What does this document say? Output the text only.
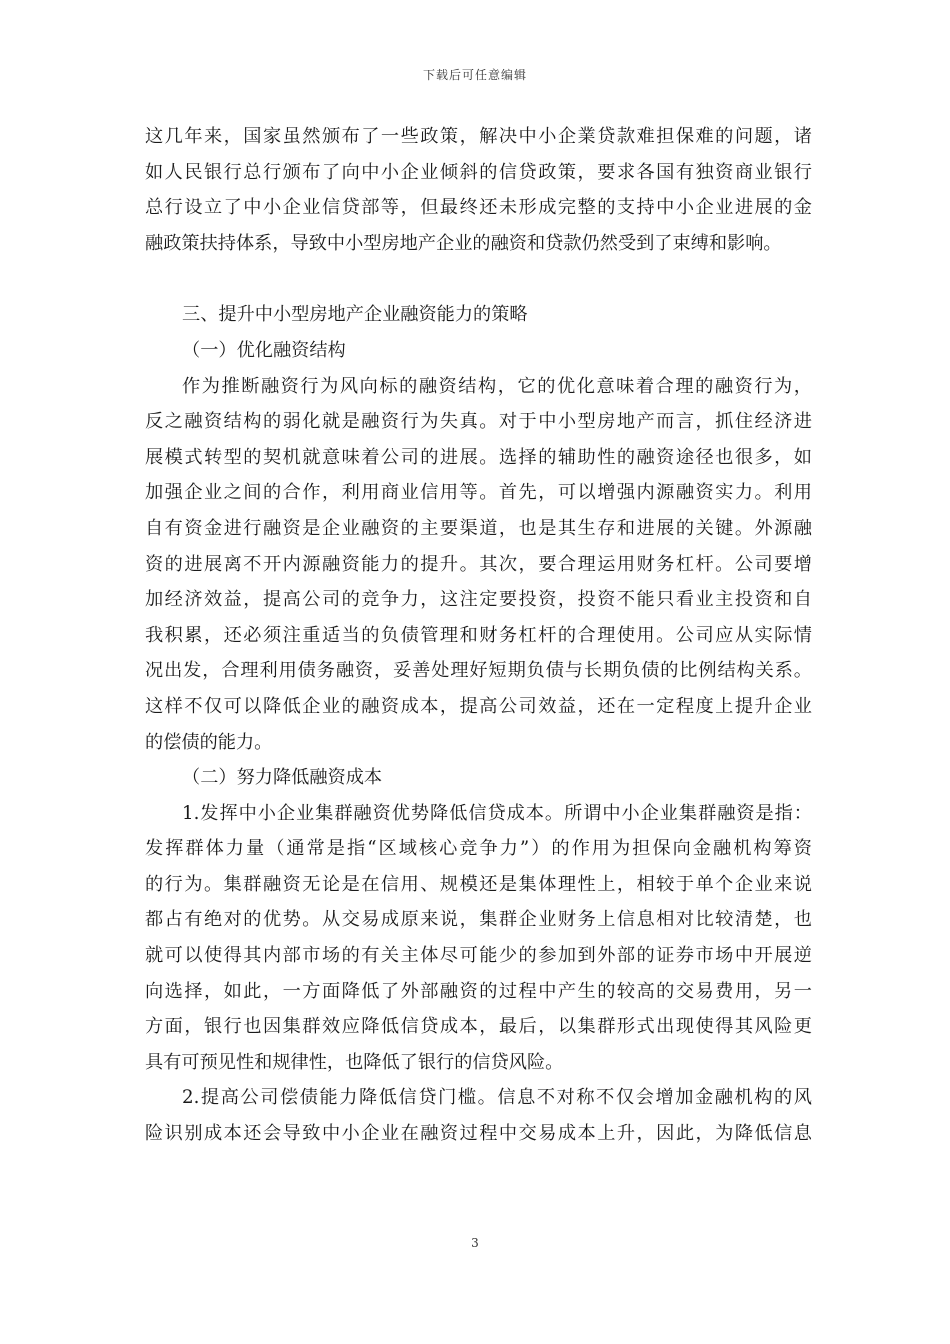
下载后可任意编辑
这几年来，国家虽然颁布了一些政策，解决中小企業贷款难担保难的问题，诸
如人民银行总行颁布了向中小企业倾斜的信贷政策，要求各国有独资商业银行
总行设立了中小企业信贷部等，但最终还未形成完整的支持中小企业进展的金
融政策扶持体系，导致中小型房地产企业的融资和贷款仍然受到了束缚和影响。
三、提升中小型房地产企业融资能力的策略
（一）优化融资结构
作为推断融资行为风向标的融资结构，它的优化意味着合理的融资行为，
反之融资结构的弱化就是融资行为失真。对于中小型房地产而言，抓住经济进
展模式转型的契机就意味着公司的进展。选择的辅助性的融资途径也很多，如
加强企业之间的合作，利用商业信用等。首先，可以增强内源融资实力。利用
自有资金进行融资是企业融资的主要渠道，也是其生存和进展的关键。外源融
资的进展离不开内源融资能力的提升。其次，要合理运用财务杠杆。公司要增
加经济效益，提高公司的竞争力，这注定要投资，投资不能只看业主投资和自
我积累，还必须注重适当的负债管理和财务杠杆的合理使用。公司应从实际情
况出发，合理利用债务融资，妥善处理好短期负债与长期负债的比例结构关系。
这样不仅可以降低企业的融资成本，提高公司效益，还在一定程度上提升企业
的偿债的能力。
（二）努力降低融资成本
1.发挥中小企业集群融资优势降低信贷成本。所谓中小企业集群融资是指：
发挥群体力量（通常是指“区域核心竞争力”）的作用为担保向金融机构筹资
的行为。集群融资无论是在信用、规模还是集体理性上，相较于单个企业来说
都占有绝对的优势。从交易成原来说，集群企业财务上信息相对比较清楚，也
就可以使得其内部市场的有关主体尽可能少的参加到外部的证券市场中开展逆
向选择，如此，一方面降低了外部融资的过程中产生的较高的交易费用，另一
方面，银行也因集群效应降低信贷成本，最后，以集群形式出现使得其风险更
具有可预见性和规律性，也降低了银行的信贷风险。
2.提高公司偿债能力降低信贷门槛。信息不对称不仅会增加金融机构的风
险识别成本还会导致中小企业在融资过程中交易成本上升，因此，为降低信息
3
